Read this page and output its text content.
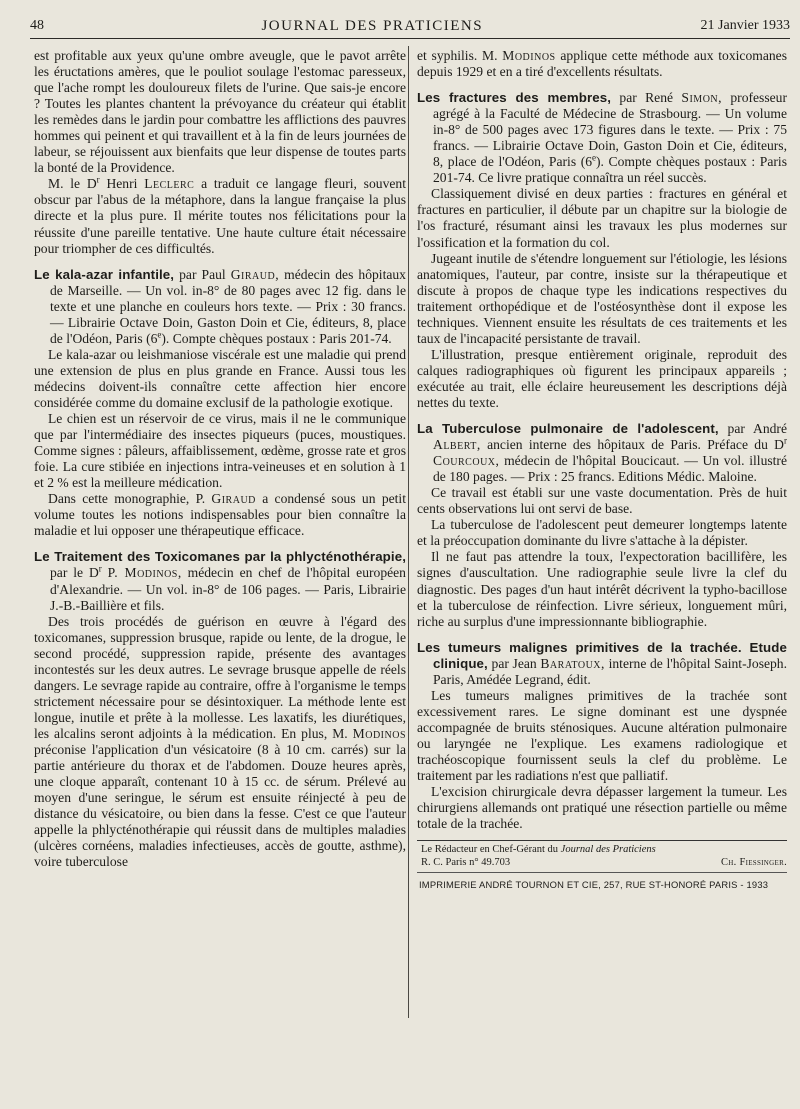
48	JOURNAL DES PRATICIENS	21 Janvier 1933

est profitable aux yeux qu'une ombre aveugle, que le pavot arrête les éructations amères, que le pouliot soulage l'estomac paresseux, que l'ache rompt les douloureux filets de l'urine. Que sais-je encore ? Toutes les plantes chantent la prévoyance du créateur qui établit les remèdes dans le jardin pour combattre les afflictions des pauvres hommes qui peinent et qui travaillent et à la fin de leurs journées de labeur, se réjouissent aux bienfaits que leur dispense de toutes parts la bonté de la Providence.

M. le $D^r$ Henri Leclerc a traduit ce langage fleuri, souvent obscur par l'abus de la métaphore, dans la langue française la plus directe et la plus pure. Il mérite toutes nos félicitations pour la réussite d'une pareille tentative. Une haute culture était nécessaire pour triompher de ces difficultés.

Le kala-azar infantile, par Paul Giraud, médecin des hôpitaux de Marseille. — Un vol. in-8° de 80 pages avec 12 fig. dans le texte et une planche en couleurs hors texte. — Prix : 30 francs. — Librairie Octave Doin, Gaston Doin et Cie, éditeurs, 8, place de l'Odéon, Paris (6e). Compte chèques postaux : Paris 201-74.

Le kala-azar ou leishmaniose viscérale est une maladie qui prend une extension de plus en plus grande en France. Aussi tous les médecins doivent-ils connaître cette affection hier encore considérée comme du domaine exclusif de la pathologie exotique.

Le chien est un réservoir de ce virus, mais il ne le communique que par l'intermédiaire des insectes piqueurs (puces, moustiques. Comme signes : pâleurs, affaiblissement, œdème, grosse rate et gros foie. La cure stibiée en injections intra-veineuses et en solution à 1 et 2 % est la meilleure médication.

Dans cette monographie, P. Giraud a condensé sous un petit volume toutes les notions indispensables pour bien connaître la maladie et lui opposer une thérapeutique efficace.

Le Traitement des Toxicomanes par la phlycténothérapie, par le $D^r$ P. Modinos, médecin en chef de l'hôpital européen d'Alexandrie. — Un vol. in-8° de 106 pages. — Paris, Librairie J.-B.-Baillière et fils.

Des trois procédés de guérison en œuvre à l'égard des toxicomanes, suppression brusque, rapide ou lente, de la drogue, le second procédé, suppression rapide, présente des avantages incontestés sur les deux autres. Le sevrage brusque appelle de réels dangers. Le sevrage rapide au contraire, offre à l'organisme le temps strictement nécessaire pour se désintoxiquer. La méthode lente est longue, inutile et prête à la mollesse. Les laxatifs, les diurétiques, les alcalins seront adjoints à la médication. En plus, M. Modinos préconise l'application d'un vésicatoire (8 à 10 cm. carrés) sur la partie antérieure du thorax et de l'abdomen. Douze heures après, une cloque apparaît, contenant 10 à 15 cc. de sérum. Prélevé au moyen d'une seringue, le sérum est ensuite réinjecté à peu de distance du vésicatoire, ou bien dans la fesse. C'est ce que l'auteur appelle la phlycténothérapie qui réussit dans de multiples maladies (ulcères cornéens, maladies infectieuses, accès de goutte, asthme), voire tuberculose

et syphilis. M. Modinos applique cette méthode aux toxicomanes depuis 1929 et en a tiré d'excellents résultats.

Les fractures des membres, par René Simon, professeur agrégé à la Faculté de Médecine de Strasbourg. — Un volume in-8° de 500 pages avec 173 figures dans le texte. — Prix : 75 francs. — Librairie Octave Doin, Gaston Doin et Cie, éditeurs, 8, place de l'Odéon, Paris (6e). Compte chèques postaux : Paris 201-74. Ce livre pratique connaîtra un réel succès.

Classiquement divisé en deux parties : fractures en général et fractures en particulier, il débute par un chapitre sur la biologie de l'os fracturé, résumant ainsi les travaux les plus modernes sur l'ossification et la formation du col.

Jugeant inutile de s'étendre longuement sur l'étiologie, les lésions anatomiques, l'auteur, par contre, insiste sur la thérapeutique et discute à propos de chaque type les indications respectives du traitement orthopédique et de l'ostéosynthèse dont il expose les techniques. Viennent ensuite les résultats de ces traitements et les taux de l'incapacité persistante de travail.

L'illustration, presque entièrement originale, reproduit des calques radiographiques où figurent les principaux appareils ; exécutée au trait, elle éclaire heureusement les descriptions déjà nettes du texte.

La Tuberculose pulmonaire de l'adolescent, par André Albert, ancien interne des hôpitaux de Paris. Préface du $D^r$ Courcoux, médecin de l'hôpital Boucicaut. — Un vol. illustré de 180 pages. — Prix : 25 francs. Editions Médic. Maloine.

Ce travail est établi sur une vaste documentation. Près de huit cents observations lui ont servi de base.

La tuberculose de l'adolescent peut demeurer longtemps latente et la préoccupation dominante du livre s'attache à la dépister.

Il ne faut pas attendre la toux, l'expectoration bacillifère, les signes d'auscultation. Une radiographie seule livre la clef du diagnostic. Des pages d'un haut intérêt décrivent la typho-bacillose et la tuberculose de réinfection. Livre sérieux, longuement mûri, riche au surplus d'une impressionnante bibliographie.

Les tumeurs malignes primitives de la trachée. Etude clinique, par Jean Baratoux, interne de l'hôpital Saint-Joseph. Paris, Amédée Legrand, édit.

Les tumeurs malignes primitives de la trachée sont excessivement rares. Le signe dominant est une dyspnée accompagnée de bruits sténosiques. Aucune altération pulmonaire ou laryngée ne l'explique. Les examens radiologique et trachéoscopique fournissent seuls la clef du problème. Le traitement par les radiations n'est que palliatif.

L'excision chirurgicale devra dépasser largement la tumeur. Les chirurgiens allemands ont pratiqué une résection partielle ou même totale de la trachée.

Le Rédacteur en Chef-Gérant du Journal des Praticiens
R. C. Paris n° 49.703	Ch. Fiessinger.
IMPRIMERIE ANDRÉ TOURNON ET CIE, 257, RUE ST-HONORÉ PARIS - 1933
